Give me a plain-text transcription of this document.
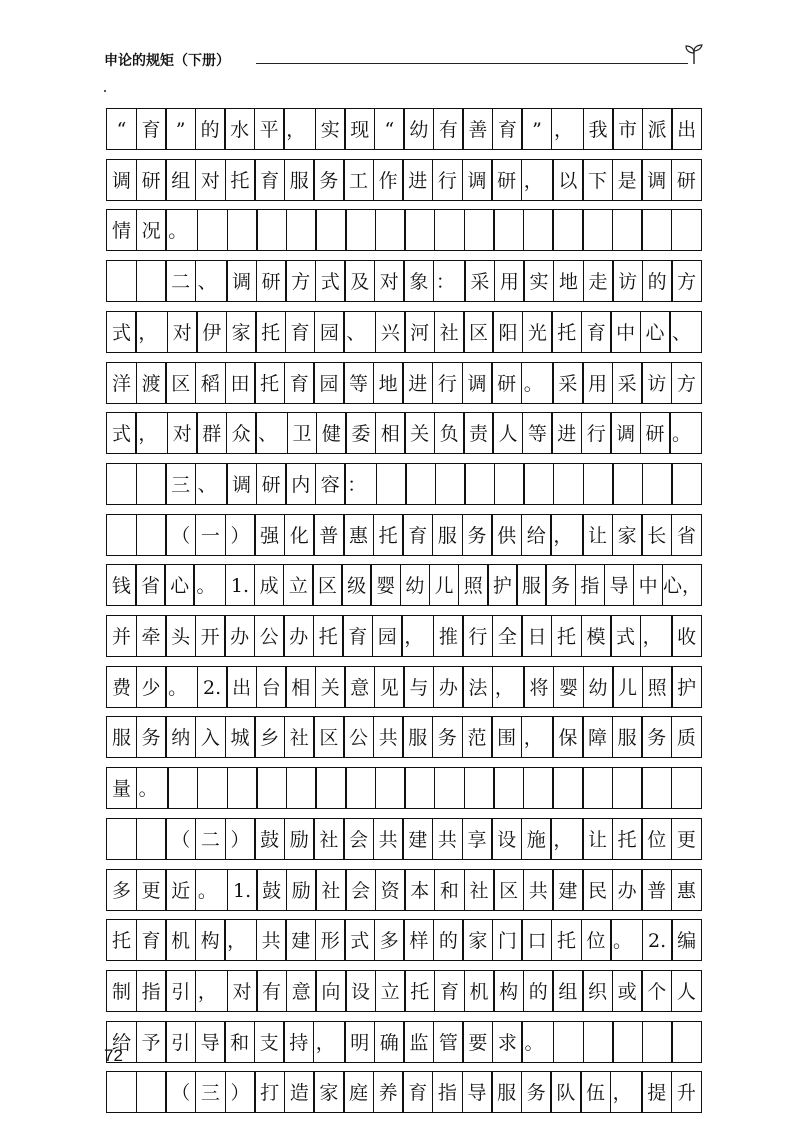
申论的规矩（下册）
“ 育 ” 的 水 平 ， 实 现 “ 幼 有 善 育 ” ， 我 市 派 出
调 研 组 对 托 育 服 务 工 作 进 行 调 研 ， 以 下 是 调 研
情 况 。
二 、 调 研 方 式 及 对 象 ： 采 用 实 地 走 访 的 方
式 ， 对 伊 家 托 育 园 、 兴 河 社 区 阳 光 托 育 中 心 、
洋 渡 区 稻 田 托 育 园 等 地 进 行 调 研 。 采 用 采 访 方
式 ， 对 群 众 、 卫 健 委 相 关 负 责 人 等 进 行 调 研 。
三 、 调 研 内 容 ：
（ 一 ） 强 化 普 惠 托 育 服 务 供 给 ， 让 家 长 省
钱 省 心 。 1. 成 立 区 级 婴 幼 儿 照 护 服 务 指 导 中 心，
并 牵 头 开 办 公 办 托 育 园 ， 推 行 全 日 托 模 式 ， 收
费 少 。 2. 出 台 相 关 意 见 与 办 法 ， 将 婴 幼 儿 照 护
服 务 纳 入 城 乡 社 区 公 共 服 务 范 围 ， 保 障 服 务 质
量 。
（ 二 ） 鼓 励 社 会 共 建 共 享 设 施 ， 让 托 位 更
多 更 近 。 1. 鼓 励 社 会 资 本 和 社 区 共 建 民 办 普 惠
托 育 机 构 ， 共 建 形 式 多 样 的 家 门 口 托 位 。 2. 编
制 指 引 ， 对 有 意 向 设 立 托 育 机 构 的 组 织 或 个 人
给 予 引 导 和 支 持 ， 明 确 监 管 要 求 。
（ 三 ） 打 造 家 庭 养 育 指 导 服 务 队 伍 ， 提 升
72
